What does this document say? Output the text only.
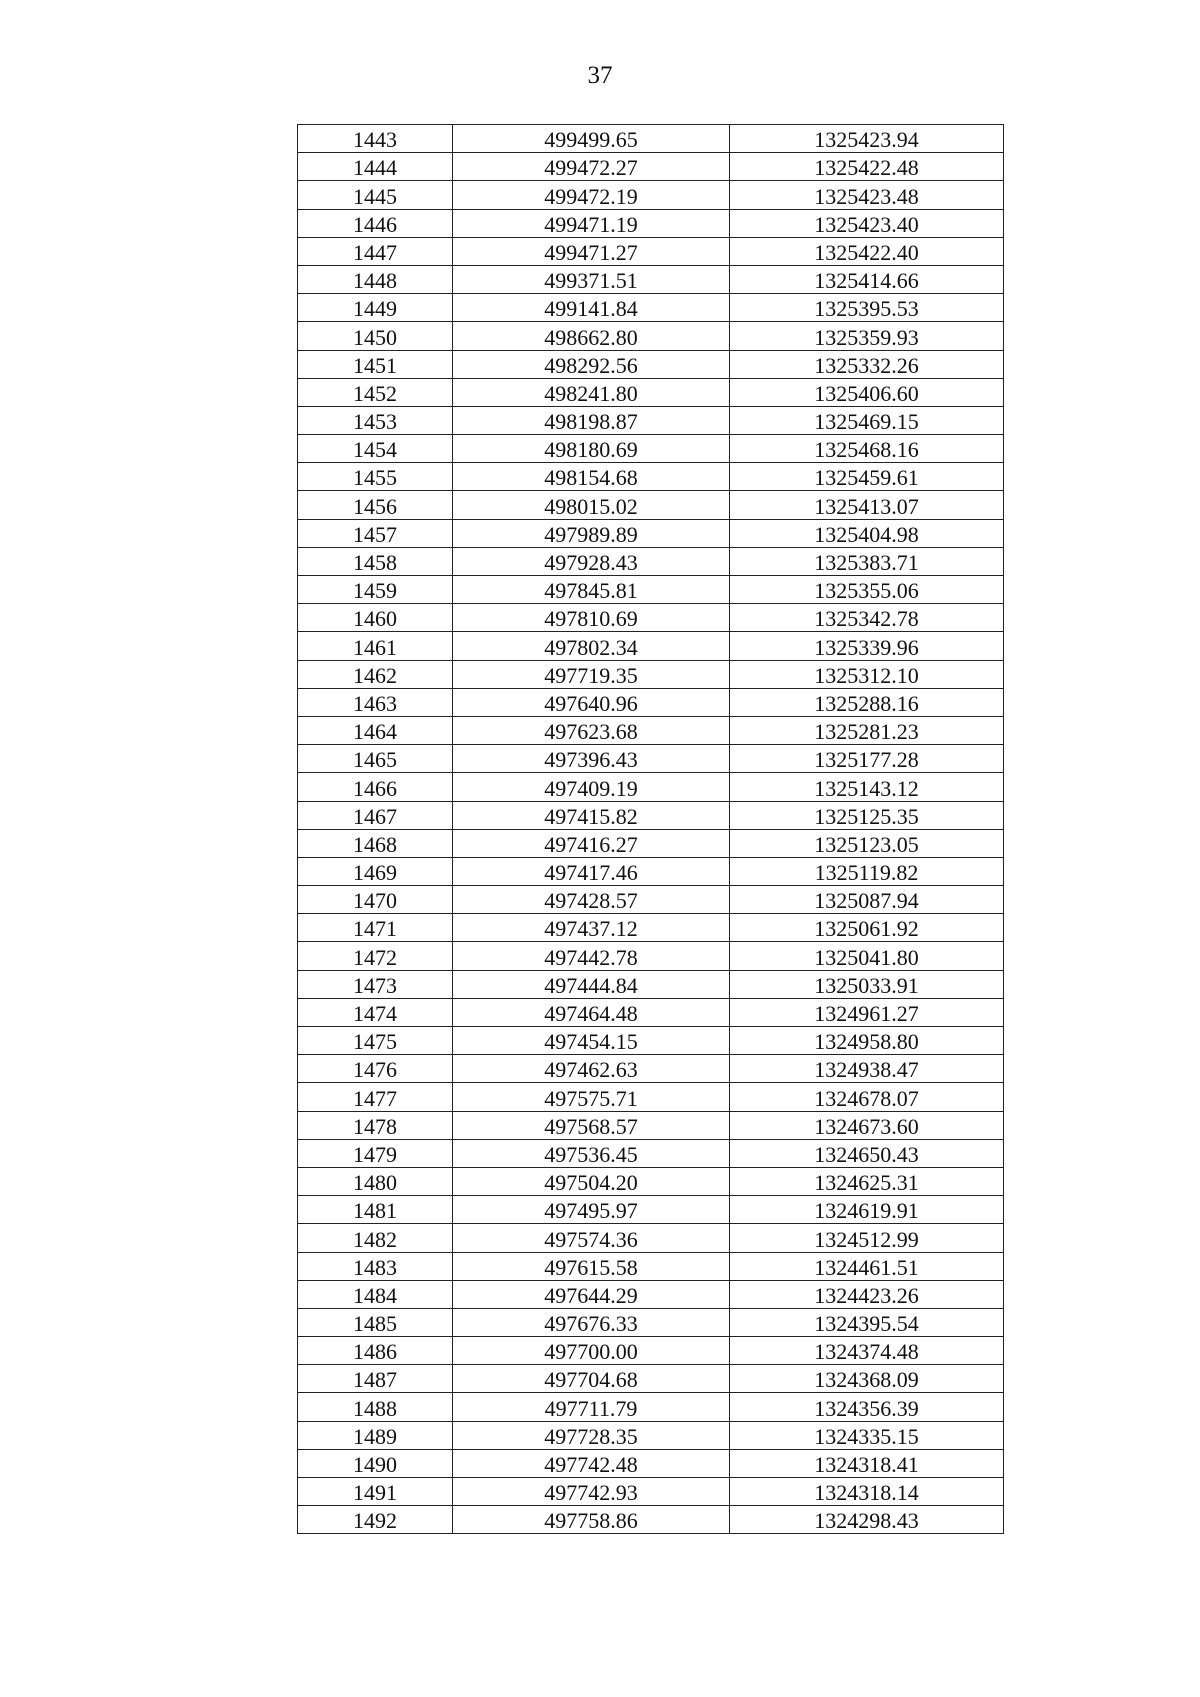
37
1443	499499.65	1325423.94
1444	499472.27	1325422.48
1445	499472.19	1325423.48
1446	499471.19	1325423.40
1447	499471.27	1325422.40
1448	499371.51	1325414.66
1449	499141.84	1325395.53
1450	498662.80	1325359.93
1451	498292.56	1325332.26
1452	498241.80	1325406.60
1453	498198.87	1325469.15
1454	498180.69	1325468.16
1455	498154.68	1325459.61
1456	498015.02	1325413.07
1457	497989.89	1325404.98
1458	497928.43	1325383.71
1459	497845.81	1325355.06
1460	497810.69	1325342.78
1461	497802.34	1325339.96
1462	497719.35	1325312.10
1463	497640.96	1325288.16
1464	497623.68	1325281.23
1465	497396.43	1325177.28
1466	497409.19	1325143.12
1467	497415.82	1325125.35
1468	497416.27	1325123.05
1469	497417.46	1325119.82
1470	497428.57	1325087.94
1471	497437.12	1325061.92
1472	497442.78	1325041.80
1473	497444.84	1325033.91
1474	497464.48	1324961.27
1475	497454.15	1324958.80
1476	497462.63	1324938.47
1477	497575.71	1324678.07
1478	497568.57	1324673.60
1479	497536.45	1324650.43
1480	497504.20	1324625.31
1481	497495.97	1324619.91
1482	497574.36	1324512.99
1483	497615.58	1324461.51
1484	497644.29	1324423.26
1485	497676.33	1324395.54
1486	497700.00	1324374.48
1487	497704.68	1324368.09
1488	497711.79	1324356.39
1489	497728.35	1324335.15
1490	497742.48	1324318.41
1491	497742.93	1324318.14
1492	497758.86	1324298.43
